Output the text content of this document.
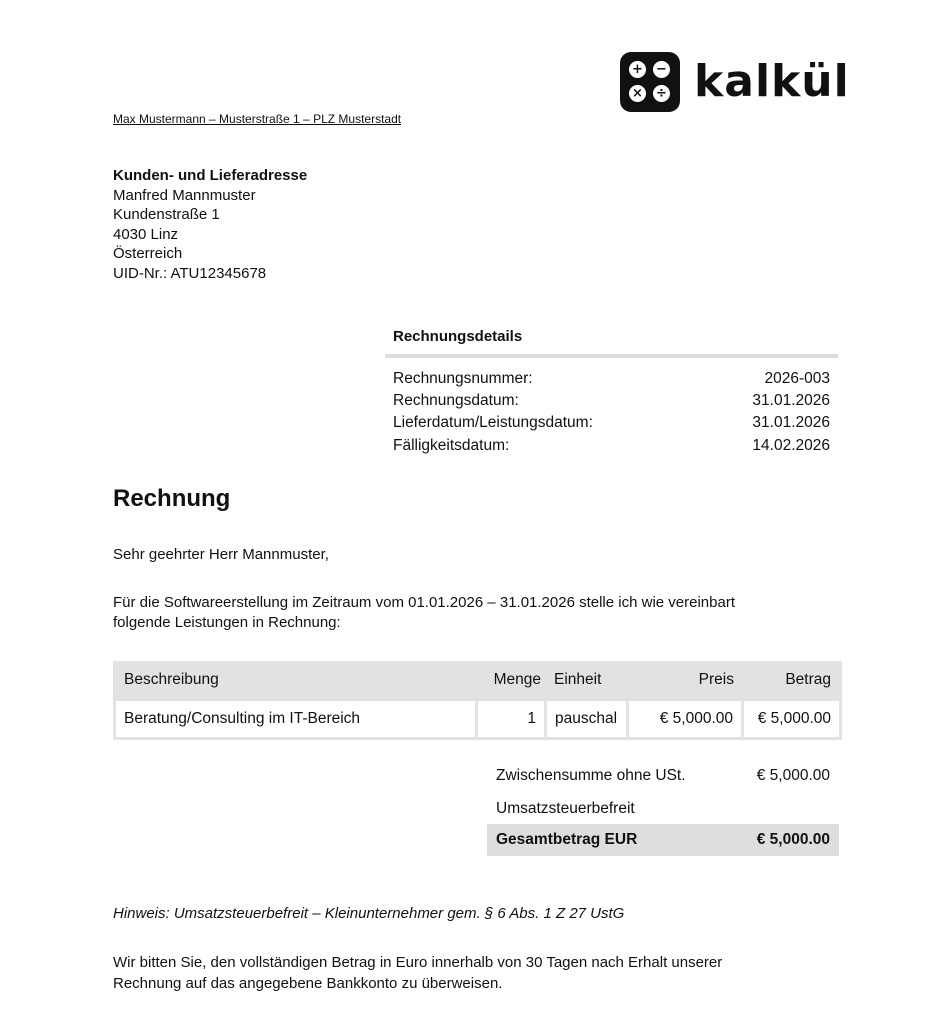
+ −
× ÷ kalkül
Max Mustermann – Musterstraße 1 – PLZ Musterstadt
Kunden- und Lieferadresse
Manfred Mannmuster
Kundenstraße 1
4030 Linz
Österreich
UID-Nr.: ATU12345678
Rechnungsdetails
Rechnungsnummer:	2026-003
Rechnungsdatum:	31.01.2026
Lieferdatum/Leistungsdatum:	31.01.2026
Fälligkeitsdatum:	14.02.2026
Rechnung
Sehr geehrter Herr Mannmuster,
Für die Softwareerstellung im Zeitraum vom 01.01.2026 – 31.01.2026 stelle ich wie vereinbart
folgende Leistungen in Rechnung:
Beschreibung	Menge Einheit	Preis	Betrag
Beratung/Consulting im IT-Bereich	1	pauschal	€ 5,000.00	€ 5,000.00
Zwischensumme ohne USt.	€ 5,000.00
Umsatzsteuerbefreit
Gesamtbetrag EUR	€ 5,000.00
Hinweis: Umsatzsteuerbefreit – Kleinunternehmer gem. § 6 Abs. 1 Z 27 UstG
Wir bitten Sie, den vollständigen Betrag in Euro innerhalb von 30 Tagen nach Erhalt unserer
Rechnung auf das angegebene Bankkonto zu überweisen.
